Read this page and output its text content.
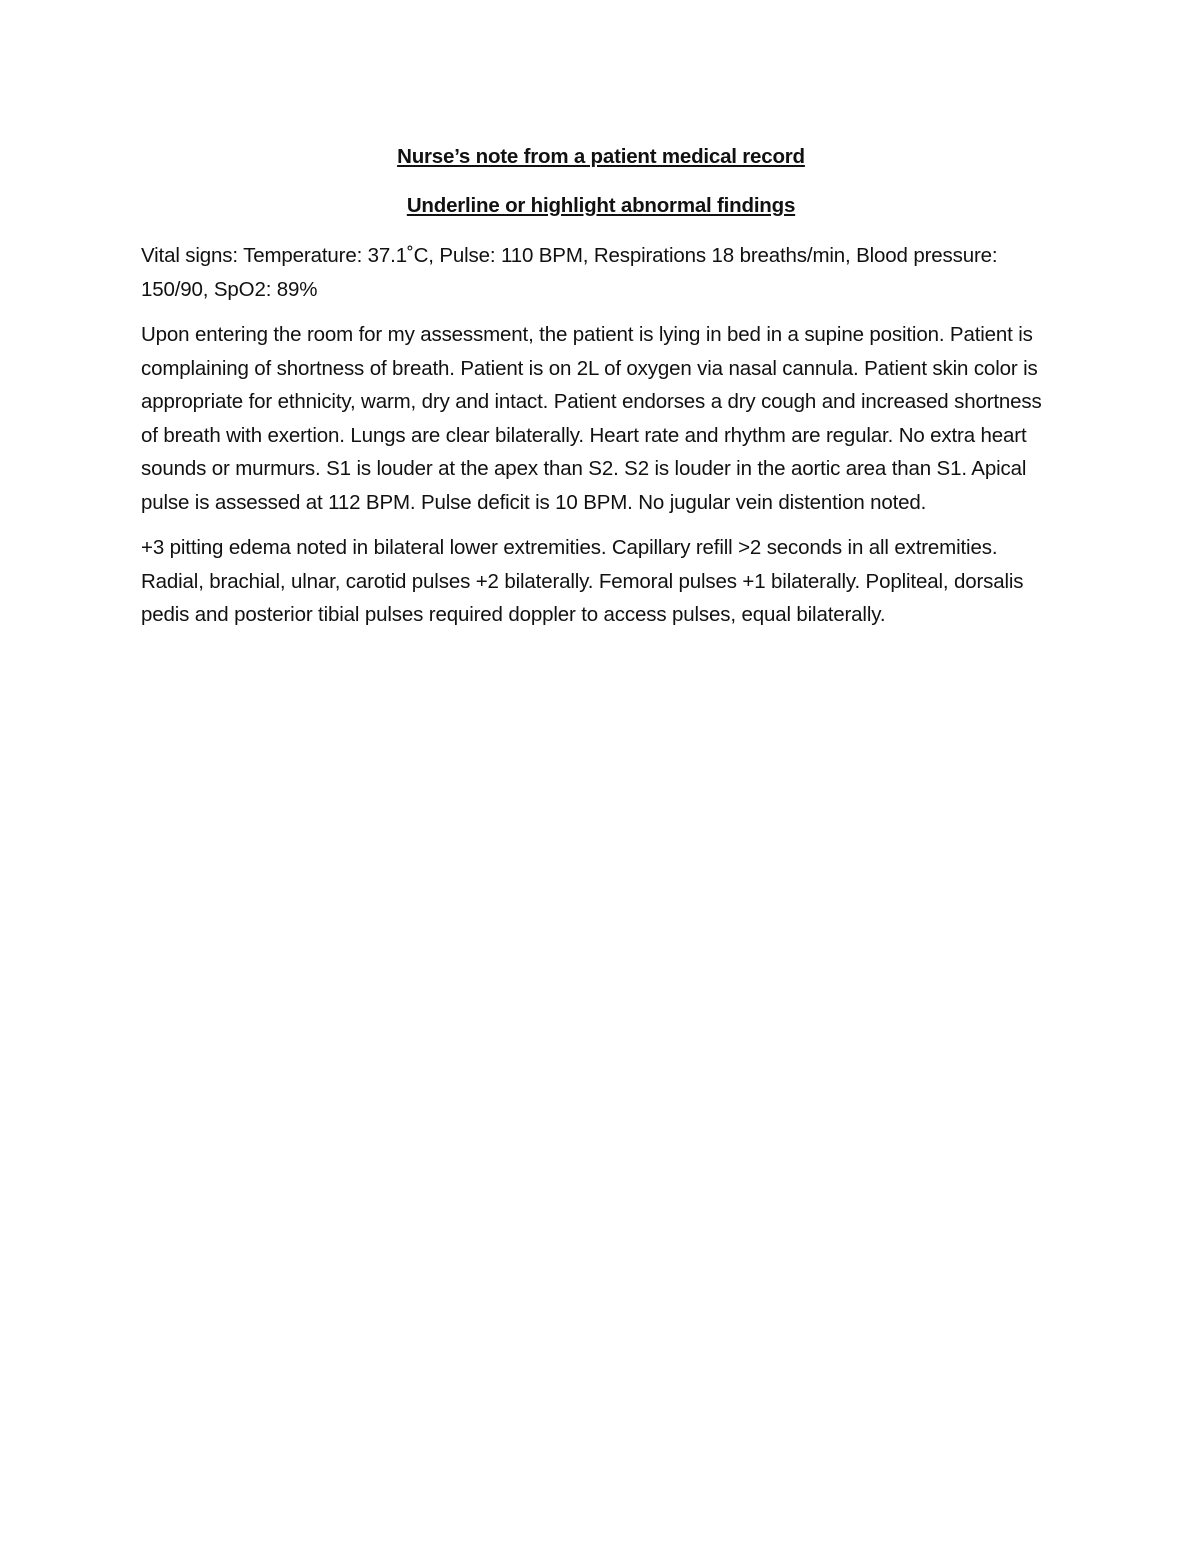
Nurse’s note from a patient medical record

Underline or highlight abnormal findings

Vital signs: Temperature: 37.1˚C, Pulse: 110 BPM, Respirations 18 breaths/min, Blood pressure: 150/90, SpO2: 89%

Upon entering the room for my assessment, the patient is lying in bed in a supine position. Patient is complaining of shortness of breath. Patient is on 2L of oxygen via nasal cannula. Patient skin color is appropriate for ethnicity, warm, dry and intact. Patient endorses a dry cough and increased shortness of breath with exertion. Lungs are clear bilaterally. Heart rate and rhythm are regular. No extra heart sounds or murmurs. S1 is louder at the apex than S2. S2 is louder in the aortic area than S1. Apical pulse is assessed at 112 BPM. Pulse deficit is 10 BPM. No jugular vein distention noted.

+3 pitting edema noted in bilateral lower extremities. Capillary refill >2 seconds in all extremities. Radial, brachial, ulnar, carotid pulses +2 bilaterally. Femoral pulses +1 bilaterally. Popliteal, dorsalis pedis and posterior tibial pulses required doppler to access pulses, equal bilaterally.
